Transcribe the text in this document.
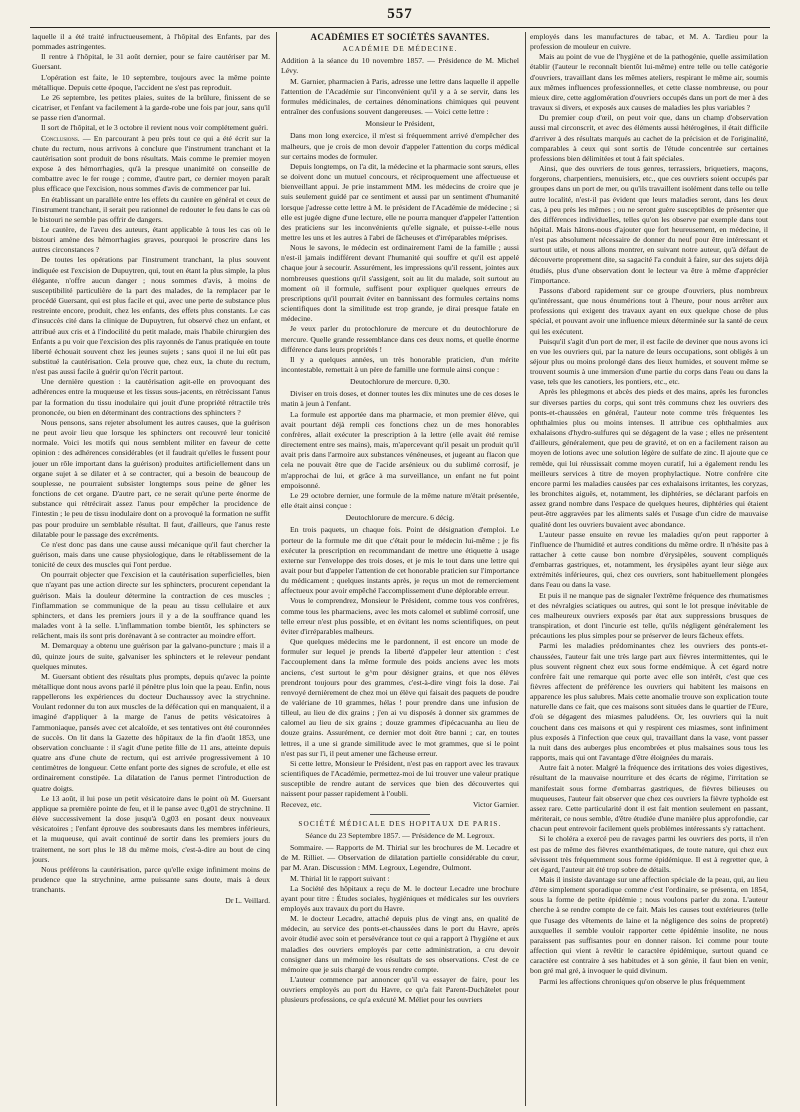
557

laquelle il a été traité infructueusement, à l'hôpital des Enfants, par des pommades astringentes.

Il rentre à l'hôpital, le 31 août dernier, pour se faire cautériser par M. Guersant.

L'opération est faite, le 10 septembre, toujours avec la même pointe métallique. Depuis cette époque, l'accident ne s'est pas reproduit.

Le 26 septembre, les petites plaies, suites de la brûlure, finissent de se cicatriser, et l'enfant va facilement à la garde-robe une fois par jour, sans qu'il se passe rien d'anormal.

Il sort de l'hôpital, et le 3 octobre il revient nous voir complétement guéri.

Conclusions. — En parcourant à peu près tout ce qui a été écrit sur la chute du rectum, nous arrivons à conclure que l'instrument tranchant et la cautérisation sont produit de bons résultats. Mais comme le premier moyen expose à des hémorrhagies, qu'à la presque unanimité on conseille de combattre avec le fer rouge ; comme, d'autre part, ce dernier moyen paraît plus efficace que l'excision, nous sommes d'avis de commencer par lui.

En établissant un parallèle entre les effets du cautère en général et ceux de l'instrument tranchant, il serait peu rationnel de redouter le feu dans le cas où le bistouri ne semble pas offrir de dangers.

Le cautère, de l'aveu des auteurs, étant applicable à tous les cas où le bistouri amène des hémorrhagies graves, pourquoi le proscrire dans les autres circonstances ?

De toutes les opérations par l'instrument tranchant, la plus souvent indiquée est l'excision de Dupuytren, qui, tout en étant la plus simple, la plus élégante, n'offre aucun danger ; nous sommes d'avis, à moins de susceptibilité particulière de la part des malades, de la remplacer par le procédé Guersant, qui est plus facile et qui, avec une perte de substance plus restreinte encore, produit, chez les enfants, des effets plus constants. Le cas d'insuccès cité dans la clinique de Dupuytren, fut observé chez un enfant, et attribué aux cris et à l'indocilité du petit malade, mais l'habile chirurgien des Enfants a pu voir que l'excision des plis rayonnés de l'anus pratiquée en toute liberté échouait souvent chez les jeunes sujets ; sans quoi il ne lui eût pas substitué la cautérisation. Cela prouve que, chez eux, la chute du rectum, n'est pas aussi facile à guérir qu'on l'écrit partout.

Une dernière question : la cautérisation agit-elle en provoquant des adhérences entre la muqueuse et les tissus sous-jacents, en rétrécissant l'anus par la formation du tissu inodulaire qui jouit d'une propriété rétractile très prononcée, ou bien en déterminant des contractions des sphincters ?

Nous pensons, sans rejeter absolument les autres causes, que la guérison ne peut avoir lieu que lorsque les sphincters ont recouvré leur tonicité normale. Voici les motifs qui nous semblent militer en faveur de cette opinion : des adhérences considérables (et il faudrait qu'elles le fussent pour jouer un rôle important dans la guérison) produites artificiellement dans un organe sujet à se dilater et à se contracter, qui a besoin de beaucoup de souplesse, ne pourraient subsister longtemps sous peine de gêner les fonctions de cet organe. D'autre part, ce ne serait qu'une perte énorme de substance qui rétrécirait assez l'anus pour empêcher la procidence de l'intestin ; le peu de tissu inodulaire dont on a provoqué la formation ne suffit pas pour produire un semblable résultat. Il faut, d'ailleurs, que l'anus reste dilatable pour le passage des excréments.

Ce n'est donc pas dans une cause aussi mécanique qu'il faut chercher la guérison, mais dans une cause physiologique, dans le rétablissement de la tonicité de ceux des muscles qui l'ont perdue.

On pourrait objecter que l'excision et la cautérisation superficielles, bien que n'ayant pas une action directe sur les sphincters, procurent cependant la guérison. Mais la douleur détermine la contraction de ces muscles ; l'inflammation se communique de la peau au tissu cellulaire et aux sphincters, et dans les premiers jours il y a de la souffrance quand les malades vont à la selle. L'inflammation tombe bientôt, les sphincters se relâchent, mais ils sont pris dorénavant à se contracter au moindre effort.

M. Demarquay a obtenu une guérison par la galvano-puncture ; mais il a dû, quinze jours de suite, galvaniser les sphincters et le releveur pendant quelques minutes.

M. Guersant obtient des résultats plus prompts, depuis qu'avec la pointe métallique dont nous avons parlé il pénètre plus loin que la peau. Enfin, nous rappellerons les expériences du docteur Duchaussoy avec la strychnine. Voulant redonner du ton aux muscles de la défécation qui en manquaient, il a imaginé d'appliquer à la marge de l'anus de petits vésicatoires à l'ammoniaque, pansés avec cet alcaloïde, et ses tentatives ont été couronnées de succès. On lit dans la Gazette des hôpitaux de la fin d'août 1853, une observation concluante : il s'agit d'une petite fille de 11 ans, atteinte depuis quatre ans d'une chute de rectum, qui est arrivée progressivement à 10 centimètres de longueur. Cette enfant porte des signes de scrofule, et elle est ordinairement constipée. La dilatation de l'anus permet l'introduction de quatre doigts.

Le 13 août, il lui pose un petit vésicatoire dans le point où M. Guersant applique sa première pointe de feu, et il le panse avec 0,g01 de strychnine. Il élève successivement la dose jusqu'à 0,g03 en posant deux nouveaux vésicatoires ; l'enfant éprouve des soubresauts dans les membres inférieurs, et la muqueuse, qui avait continué de sortir dans les premiers jours du traitement, ne sort plus le 18 du même mois, c'est-à-dire au bout de cinq jours.

Nous préférons la cautérisation, parce qu'elle exige infiniment moins de prudence que la strychnine, arme puissante sans doute, mais à deux tranchants.

Dr L. Veillard.

ACADÉMIES ET SOCIÉTÉS SAVANTES.
ACADÉMIE DE MÉDECINE.

Addition à la séance du 10 novembre 1857. — Présidence de M. Michel Lévy.

M. Garnier, pharmacien à Paris, adresse une lettre dans laquelle il appelle l'attention de l'Académie sur l'inconvénient qu'il y a à se servir, dans les formules médicinales, de certaines dénominations chimiques qui peuvent entraîner des confusions souvent dangereuses. — Voici cette lettre :

Monsieur le Président,

Dans mon long exercice, il m'est si fréquemment arrivé d'empêcher des malheurs, que je crois de mon devoir d'appeler l'attention du corps médical sur certains modes de formuler.

Depuis longtemps, on l'a dit, la médecine et la pharmacie sont sœurs, elles se doivent donc un mutuel concours, et réciproquement une affectueuse et bienveillant appui. Je prie instamment MM. les médecins de croire que je suis seulement guidé par ce sentiment et aussi par un sentiment d'humanité lorsque j'adresse cette lettre à M. le président de l'Académie de médecine ; si elle est jugée digne d'une lecture, elle ne pourra manquer d'appeler l'attention des praticiens sur les inconvénients qu'elle signale, et puisse-t-elle nous mettre les uns et les autres à l'abri de fâcheuses et d'irréparables méprises.

Nous le savons, le médecin est ordinairement l'ami de la famille ; aussi n'est-il jamais indifférent devant l'humanité qui souffre et qu'il est appelé chaque jour à secourir. Assurément, les impressions qu'il ressent, jointes aux nombreuses questions qu'il s'assigent, soit au lit du malade, soit surtout au moment où il formule, suffisent pour expliquer quelques erreurs de prescriptions qu'il pourrait éviter en bannissant des formules certains noms scientifiques dont la similitude est trop grande, je dirai presque fatale en médecine.

Je veux parler du protochlorure de mercure et du deutochlorure de mercure. Quelle grande ressemblance dans ces deux noms, et quelle énorme différence dans leurs propriétés !

Il y a quelques années, un très honorable praticien, d'un mérite incontestable, remettait à un père de famille une formule ainsi conçue :

Deutochlorure de mercure. 0,30.

Diviser en trois doses, et donner toutes les dix minutes une de ces doses le matin à jeun à l'enfant.

La formule est apportée dans ma pharmacie, et mon premier élève, qui avait pourtant déjà rempli ces fonctions chez un de mes honorables confrères, allait exécuter la prescription à la lettre (elle avait été remise directement entre ses mains), mais, m'apercevant qu'il pesait un produit qu'il avait pris dans l'armoire aux substances vénéneuses, et jugeant au flacon que cela ne pouvait être que de l'acide arsénieux ou du sublimé corrosif, je m'approchai de lui, et grâce à ma surveillance, un enfant ne fut point empoisonné.

Le 29 octobre dernier, une formule de la même nature m'était présentée, elle était ainsi conçue :

Deutochlorure de mercure. 6 décig.

En trois paquets, un chaque fois. Point de désignation d'emploi. Le porteur de la formule me dit que c'était pour le médecin lui-même ; je fis exécuter la prescription en recommandant de mettre une étiquette à usage externe sur l'enveloppe des trois doses, et je mis le tout dans une lettre qui avait pour but d'appeler l'attention de cet honorable praticien sur l'importance du médicament ; quelques instants après, je reçus un mot de remerciement affectueux pour avoir empêché l'accomplissement d'une déplorable erreur.

Vous le comprendrez, Monsieur le Président, comme tous vos confrères, comme tous les pharmaciens, avec les mots calomel et sublimé corrosif, une telle erreur n'est plus possible, et en évitant les noms scientifiques, on peut éviter d'irréparables malheurs.

Que quelques médecins me le pardonnent, il est encore un mode de formuler sur lequel je prends la liberté d'appeler leur attention : c'est l'accouplement dans la même formule des poids anciens avec les mots anciens, c'est surtout le g^m pour désigner grains, et que nos élèves prendront toujours pour des grammes, c'est-à-dire vingt fois la dose. J'ai renvoyé dernièrement de chez moi un élève qui faisait des paquets de poudre de valériane de 10 grammes, hélas ! pour prendre dans une infusion de tilleul, au lieu de dix grains ; j'en ai vu disposés à donner six grammes de calomel au lieu de six grains ; douze grammes d'ipécacuanha au lieu de douze grains. Assurément, ce dernier mot doit être banni ; car, en toutes lettres, il a une si grande similitude avec le mot grammes, que si le point n'est pas sur l'i, il peut amener une fâcheuse erreur.

Si cette lettre, Monsieur le Président, n'est pas en rapport avec les travaux scientifiques de l'Académie, permettez-moi de lui trouver une valeur pratique susceptible de rendre autant de services que bien des découvertes qui naissent pour passer rapidement à l'oubli.

Recevez, etc.	Victor Garnier.

SOCIÉTÉ MÉDICALE DES HOPITAUX DE PARIS.

Séance du 23 Septembre 1857. — Présidence de M. Legroux.

Sommaire. — Rapports de M. Thirial sur les brochures de M. Lecadre et de M. Rilliet. — Observation de dilatation partielle considérable du cœur, par M. Aran. Discussion : MM. Legroux, Legendre, Oulmont.

M. Thirial lit le rapport suivant :

La Société des hôpitaux a reçu de M. le docteur Lecadre une brochure ayant pour titre : Études sociales, hygiéniques et médicales sur les ouvriers employés aux travaux du port du Havre.

M. le docteur Lecadre, attaché depuis plus de vingt ans, en qualité de médecin, au service des ponts-et-chaussées dans le port du Havre, après avoir étudié avec soin et persévérance tout ce qui a rapport à l'hygiène et aux maladies des ouvriers employés par cette administration, a cru devoir consigner dans un mémoire les résultats de ses observations. C'est de ce mémoire que je suis chargé de vous rendre compte.

L'auteur commence par annoncer qu'il va essayer de faire, pour les ouvriers employés au port du Havre, ce qu'a fait Parent-Duchâtelet pour plusieurs professions, ce qu'a exécuté M. Méliet pour les ouvriers

employés dans les manufactures de tabac, et M. A. Tardieu pour la profession de mouleur en cuivre.

Mais au point de vue de l'hygiène et de la pathogénie, quelle assimilation établir (l'auteur le reconnaît bientôt lui-même) entre telle ou telle catégorie d'ouvriers, travaillant dans les mêmes ateliers, respirant le même air, soumis aux mêmes influences professionnelles, et cette classe nombreuse, ou pour mieux dire, cette agglomération d'ouvriers occupés dans un port de mer à des travaux si divers, et exposés aux causes de maladies les plus variables ?

Du premier coup d'œil, on peut voir que, dans un champ d'observation aussi mal circonscrit, et avec des éléments aussi hétérogènes, il était difficile d'arriver à des résultats marqués au cachet de la précision et de l'originalité, comparables à ceux qui sont sortis de l'étude concentrée sur certaines professions bien délimitées et tout à fait spéciales.

Ainsi, que des ouvriers de tous genres, terrassiers, briquetiers, maçons, forgerons, charpentiers, menuisiers, etc., que ces ouvriers soient occupés par groupes dans un port de mer, ou qu'ils travaillent isolément dans telle ou telle autre localité, n'est-il pas évident que leurs maladies seront, dans les deux cas, à peu près les mêmes ; ou ne seront guère susceptibles de présenter que des différences individuelles, telles qu'on les observe par exemple dans tout hôpital. Mais hâtons-nous d'ajouter que fort heureusement, en médecine, il n'est pas absolument nécessaire de donner du neuf pour être intéressant et surtout utile, et nous allons montrer, en suivant notre auteur, qu'à défaut de découverte proprement dite, sa sagacité l'a conduit à faire, sur des sujets déjà étudiés, plus d'une observation dont le lecteur va être à même d'apprécier l'importance.

Passons d'abord rapidement sur ce groupe d'ouvriers, plus nombreux qu'intéressant, que nous énumérions tout à l'heure, pour nous arrêter aux professions qui exigent des travaux ayant en eux quelque chose de plus spécial, et pouvant avoir une influence mieux déterminée sur la santé de ceux qui les exécutent.

Puisqu'il s'agit d'un port de mer, il est facile de deviner que nous avons ici en vue les ouvriers qui, par la nature de leurs occupations, sont obligés à un séjour plus ou moins prolongé dans des lieux humides, et souvent même se trouvent soumis à une immersion d'une partie du corps dans l'eau ou dans la vase, tels que les canotiers, les pontiers, etc., etc.

Après les phlegmons et abcès des pieds et des mains, après les furoncles sur diverses parties du corps, qui sont très communs chez les ouvriers des ponts-et-chaussées en général, l'auteur note comme très fréquentes les ophthalmies plus ou moins intenses. Il attribue ces ophthalmies aux exhalaisons d'hydro-sulfures qui se dégagent de la vase ; elles ne présentent d'ailleurs, généralement, que peu de gravité, et on en a facilement raison au moyen de lotions avec une solution légère de sulfate de zinc. Il ajoute que ce remède, qui lui réussissait comme moyen curatif, lui a également rendu les meilleurs services à titre de moyen prophylactique. Notre confrère cite encore parmi les maladies causées par ces exhalaisons irritantes, les coryzas, les bronchites aiguës, et, notamment, les diphtéries, se déclarant parfois en assez grand nombre dans l'espace de quelques heures, diphtéries qui étaient peut-être aggravées par les aliments salés et l'usage d'un cidre de mauvaise qualité dont les ouvriers buvaient avec abondance.

L'auteur passe ensuite en revue les maladies qu'on peut rapporter à l'influence de l'humidité et autres conditions du même ordre. Il n'hésite pas à rattacher à cette cause bon nombre d'érysipèles, souvent compliqués d'embarras gastriques, et, notamment, les érysipèles ayant leur siège aux extrémités inférieures, qui, chez ces ouvriers, sont habituellement plongées dans l'eau ou dans la vase.

Et puis il ne manque pas de signaler l'extrême fréquence des rhumatismes et des névralgies sciatiques ou autres, qui sont le lot presque inévitable de ces malheureux ouvriers exposés par état aux suppressions brusques de transpiration, et dont l'incurie est telle, qu'ils négligent généralement les précautions les plus simples pour se préserver de leurs fâcheux effets.

Parmi les maladies prédominantes chez les ouvriers des ponts-et-chaussées, l'auteur fait une très large part aux fièvres intermittentes, qui le plus souvent règnent chez eux sous forme endémique. À cet égard notre confrère fait une remarque qui porte avec elle son intérêt, c'est que ces fièvres affectent de préférence les ouvriers qui habitent les maisons en apparence les plus salubres. Mais cette anomalie trouve son explication toute naturelle dans ce fait, que ces maisons sont situées dans le quartier de l'Eure, d'où se dégagent des miasmes paludéens. Or, les ouvriers qui la nuit couchent dans ces maisons et qui y respirent ces miasmes, sont infiniment plus exposés à l'infection que ceux qui, travaillant dans la vase, vont passer la nuit dans des auberges plus encombrées et plus malsaines sous tous les rapports, mais qui ont l'avantage d'être éloignées du marais.

Autre fait à noter. Malgré la fréquence des irritations des voies digestives, résultant de la mauvaise nourriture et des écarts de régime, l'irritation se manifestait sous forme d'embarras gastriques, de fièvres bilieuses ou muqueuses, l'auteur fait observer que chez ces ouvriers la fièvre typhoïde est assez rare. Cette particularité dont il est fait mention seulement en passant, mériterait, ce nous semble, d'être étudiée d'une manière plus approfondie, car chacun peut entrevoir facilement quels problèmes intéressants s'y rattachent.

Si le choléra a exercé peu de ravages parmi les ouvriers des ports, il n'en est pas de même des fièvres exanthématiques, de toute nature, qui chez eux sévissent très fréquemment sous forme épidémique. Il est à regretter que, à cet égard, l'auteur ait été trop sobre de détails.

Mais il insiste davantage sur une affection spéciale de la peau, qui, au lieu d'être simplement sporadique comme c'est l'ordinaire, se présenta, en 1854, sous la forme de petite épidémie ; nous voulons parler du zona. L'auteur cherche à se rendre compte de ce fait. Mais les causes tout extérieures (telle que l'usage des vêtements de laine et la négligence des soins de propreté) auxquelles il semble vouloir rapporter cette épidémie insolite, ne nous paraissent pas suffisantes pour en donner raison. Ici comme pour toute affection qui vient à revêtir le caractère épidémique, surtout quand ce caractère est contraire à ses habitudes et à son génie, il faut bien en venir, bon gré mal gré, à invoquer le quid divinum.

Parmi les affections chroniques qu'on observe le plus fréquemment
